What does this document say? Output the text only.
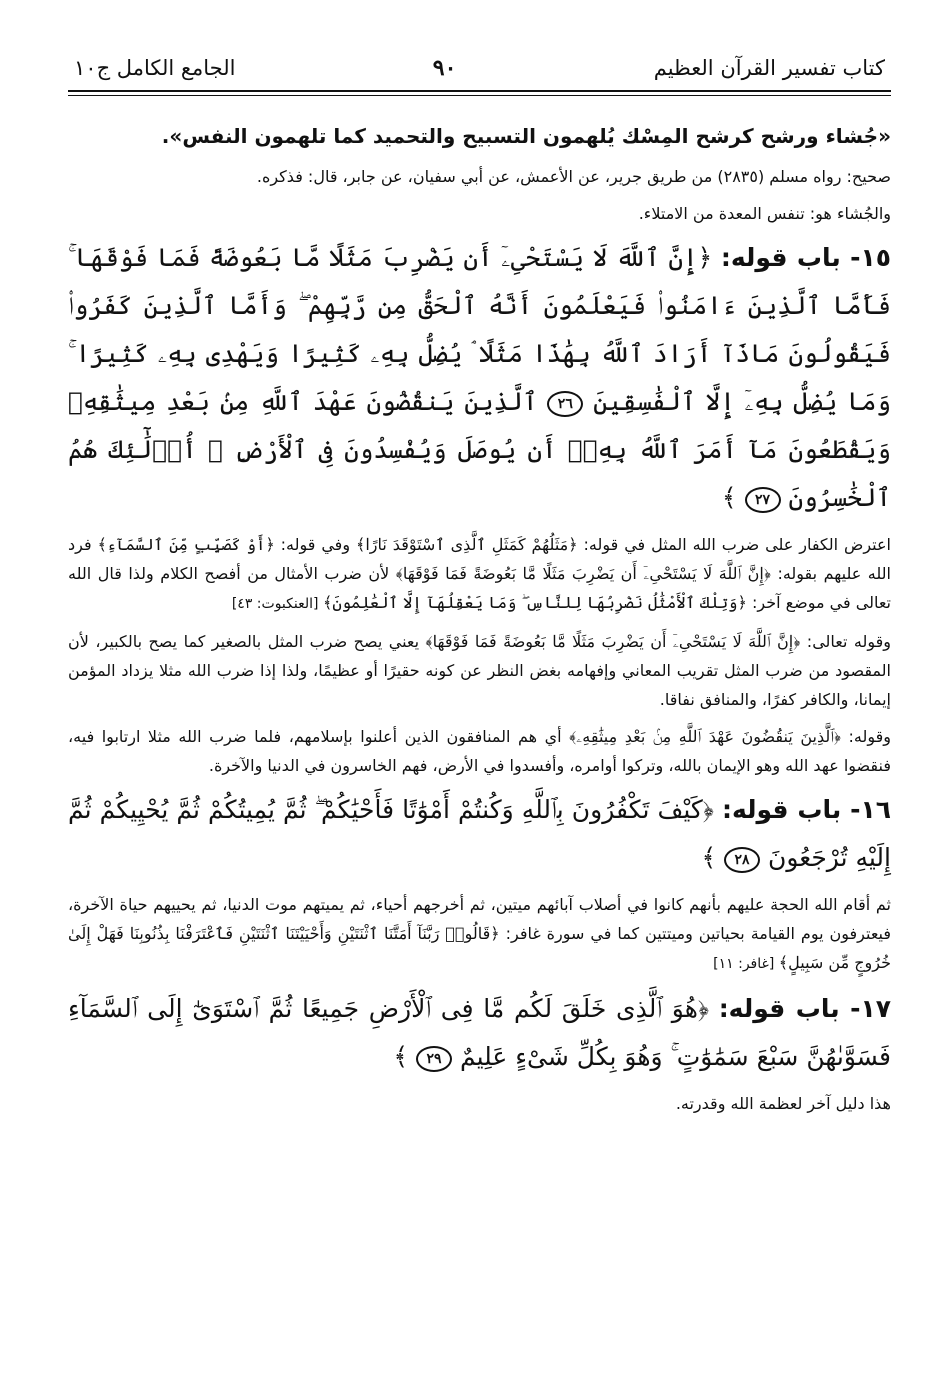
كتاب تفسير القرآن العظيم
٩٠
الجامع الكامل ج١٠

«جُشاء ورشح كرشح المِسْك يُلهمون التسبيح والتحميد كما تلهمون النفس».

صحيح: رواه مسلم (٢٨٣٥) من طريق جرير، عن الأعمش، عن أبي سفيان، عن جابر، قال: فذكره.

والجُشاء هو: تنفس المعدة من الامتلاء.

١٥- باب قوله: ﴿إِنَّ ٱللَّهَ لَا يَسْتَحْىِۦٓ أَن يَضْرِبَ مَثَلًا مَّا بَعُوضَةً فَمَا فَوْقَهَا ۚ فَأَمَّا ٱلَّذِينَ ءَامَنُوا۟ فَيَعْلَمُونَ أَنَّهُ ٱلْحَقُّ مِن رَّبِّهِمْ ۖ وَأَمَّا ٱلَّذِينَ كَفَرُوا۟ فَيَقُولُونَ مَاذَآ أَرَادَ ٱللَّهُ بِهَٰذَا مَثَلًا ۘ يُضِلُّ بِهِۦ كَثِيرًا وَيَهْدِى بِهِۦ كَثِيرًا ۚ وَمَا يُضِلُّ بِهِۦٓ إِلَّا ٱلْفَٰسِقِينَ ٢٦ ٱلَّذِينَ يَنقُضُونَ عَهْدَ ٱللَّهِ مِنۢ بَعْدِ مِيثَٰقِهِۦ وَيَقْطَعُونَ مَآ أَمَرَ ٱللَّهُ بِهِۦٓ أَن يُوصَلَ وَيُفْسِدُونَ فِى ٱلْأَرْضِ ۚ أُو۟لَٰٓئِكَ هُمُ ٱلْخَٰسِرُونَ ٢٧ ﴾

اعترض الكفار على ضرب الله المثل في قوله: ﴿مَثَلُهُمْ كَمَثَلِ ٱلَّذِى ٱسْتَوْقَدَ نَارًا﴾ وفي قوله: ﴿أَوْ كَصَيِّبٍ مِّنَ ٱلسَّمَآءِ﴾ فرد الله عليهم بقوله: ﴿إِنَّ ٱللَّهَ لَا يَسْتَحْىِۦٓ أَن يَضْرِبَ مَثَلًا مَّا بَعُوضَةً فَمَا فَوْقَهَا﴾ لأن ضرب الأمثال من أفصح الكلام ولذا قال الله تعالى في موضع آخر: ﴿وَتِلْكَ ٱلْأَمْثَٰلُ نَضْرِبُهَا لِلنَّاسِ ۖ وَمَا يَعْقِلُهَآ إِلَّا ٱلْعَٰلِمُونَ﴾ [العنكبوت: ٤٣]

وقوله تعالى: ﴿إِنَّ ٱللَّهَ لَا يَسْتَحْىِۦٓ أَن يَضْرِبَ مَثَلًا مَّا بَعُوضَةً فَمَا فَوْقَهَا﴾ يعني يصح ضرب المثل بالصغير كما يصح بالكبير، لأن المقصود من ضرب المثل تقريب المعاني وإفهامه بغض النظر عن كونه حقيرًا أو عظيمًا، ولذا إذا ضرب الله مثلا يزداد المؤمن إيمانا، والكافر كفرًا، والمنافق نفاقا.

وقوله: ﴿ٱلَّذِينَ يَنقُضُونَ عَهْدَ ٱللَّهِ مِنۢ بَعْدِ مِيثَٰقِهِۦ﴾ أي هم المنافقون الذين أعلنوا بإسلامهم، فلما ضرب الله مثلا ارتابوا فيه، فنقضوا عهد الله وهو الإيمان بالله، وتركوا أوامره، وأفسدوا في الأرض، فهم الخاسرون في الدنيا والآخرة.

١٦- باب قوله: ﴿كَيْفَ تَكْفُرُونَ بِٱللَّهِ وَكُنتُمْ أَمْوَٰتًا فَأَحْيَٰكُمْ ۖ ثُمَّ يُمِيتُكُمْ ثُمَّ يُحْيِيكُمْ ثُمَّ إِلَيْهِ تُرْجَعُونَ ٢٨ ﴾

ثم أقام الله الحجة عليهم بأنهم كانوا في أصلاب آبائهم ميتين، ثم أخرجهم أحياء، ثم يميتهم موت الدنيا، ثم يحييهم حياة الآخرة، فيعترفون يوم القيامة بحياتين وميتتين كما في سورة غافر: ﴿قَالُوا۟ رَبَّنَآ أَمَتَّنَا ٱثْنَتَيْنِ وَأَحْيَيْتَنَا ٱثْنَتَيْنِ فَٱعْتَرَفْنَا بِذُنُوبِنَا فَهَلْ إِلَىٰ خُرُوجٍ مِّن سَبِيلٍ﴾ [غافر: ١١]

١٧- باب قوله: ﴿هُوَ ٱلَّذِى خَلَقَ لَكُم مَّا فِى ٱلْأَرْضِ جَمِيعًا ثُمَّ ٱسْتَوَىٰٓ إِلَى ٱلسَّمَآءِ فَسَوَّىٰهُنَّ سَبْعَ سَمَٰوَٰتٍ ۚ وَهُوَ بِكُلِّ شَىْءٍ عَلِيمٌ ٢٩ ﴾

هذا دليل آخر لعظمة الله وقدرته.
